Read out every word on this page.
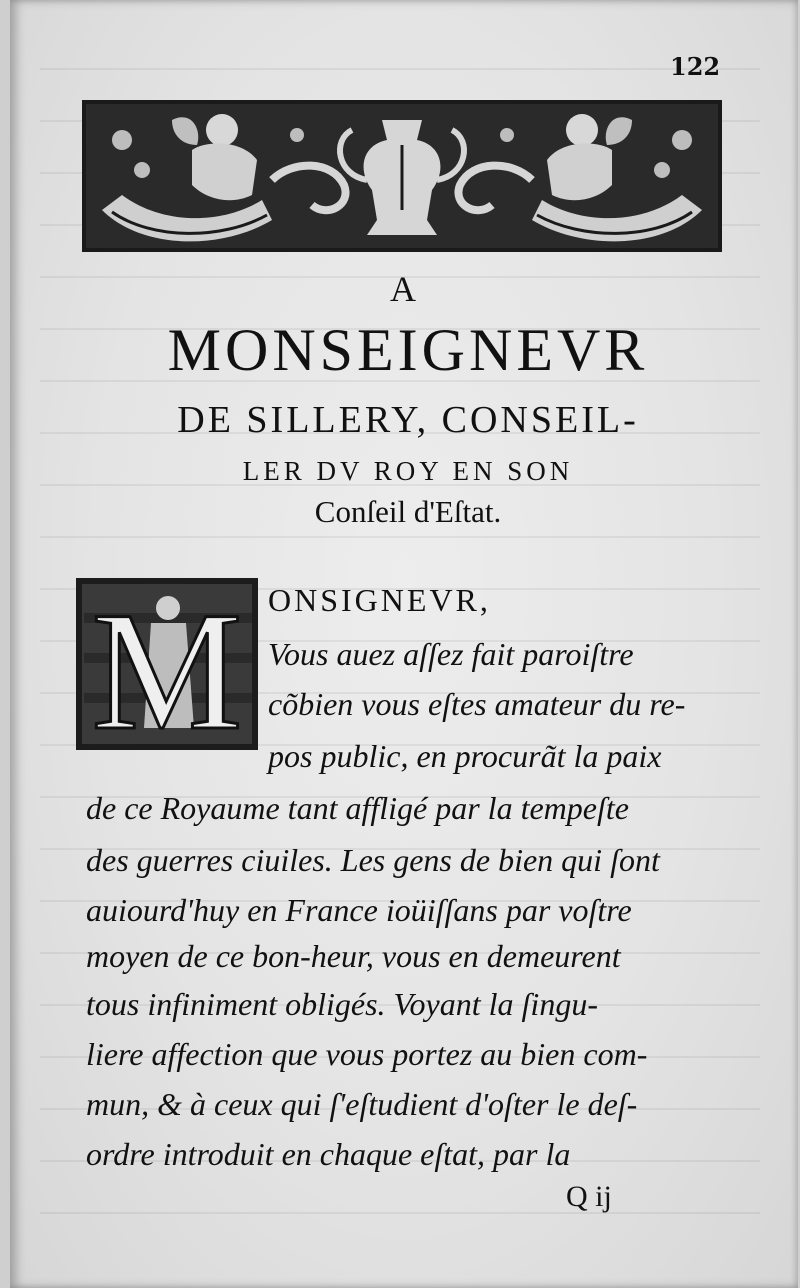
122
A
MONSEIGNEVR
DE SILLERY, CONSEIL-
LER DV ROY EN SON
Conſeil d'Eſtat.
M ONSIGNEVR,
Vous auez aſſez fait paroiſtre
cõbien vous eſtes amateur du re-
pos public, en procurãt la paix
de ce Royaume tant affligé par la tempeſte
des guerres ciuiles. Les gens de bien qui ſont
auiourd'huy en France ioüiſſans par voſtre
moyen de ce bon-heur, vous en demeurent
tous infiniment obligés. Voyant la ſingu-
liere affection que vous portez au bien com-
mun, & à ceux qui ſ'eſtudient d'oſter le deſ-
ordre introduit en chaque eſtat, par la
Q ij
